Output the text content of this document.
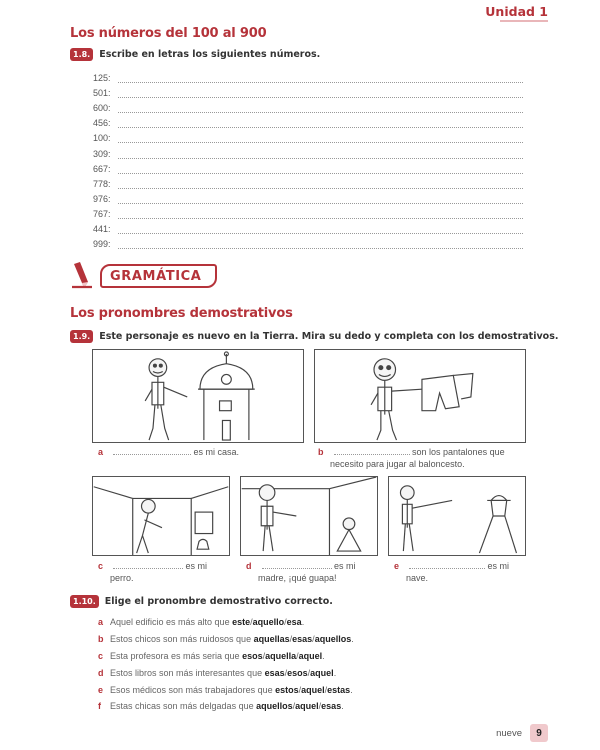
Unidad 1
Los números del 100 al 900
1.8. Escribe en letras los siguientes números.
125:
501:
600:
456:
100:
309:
667:
778:
976:
767:
441:
999:
GRAMÁTICA
Los pronombres demostrativos
1.9. Este personaje es nuevo en la Tierra. Mira su dedo y completa con los demostrativos.
a	es mi casa.	b	son los pantalones que
necesito para jugar al baloncesto.
c	es mi
perro.
d	es mi
madre, ¡qué guapa!
e	es mi
nave.
1.10. Elige el pronombre demostrativo correcto.
a Aquel edificio es más alto que
este / aquello / esa .
b Estos chicos son más ruidosos que
aquellas / esas / aquellos .
c Esta profesora es más seria que
esos / aquella / aquel .
d Estos libros son más interesantes que
esas / esos / aquel .
e Esos médicos son más trabajadores que
estos / aquel / estas .
f	Estas chicas son más delgadas que
aquellos / aquel / esas .
nueve	9
